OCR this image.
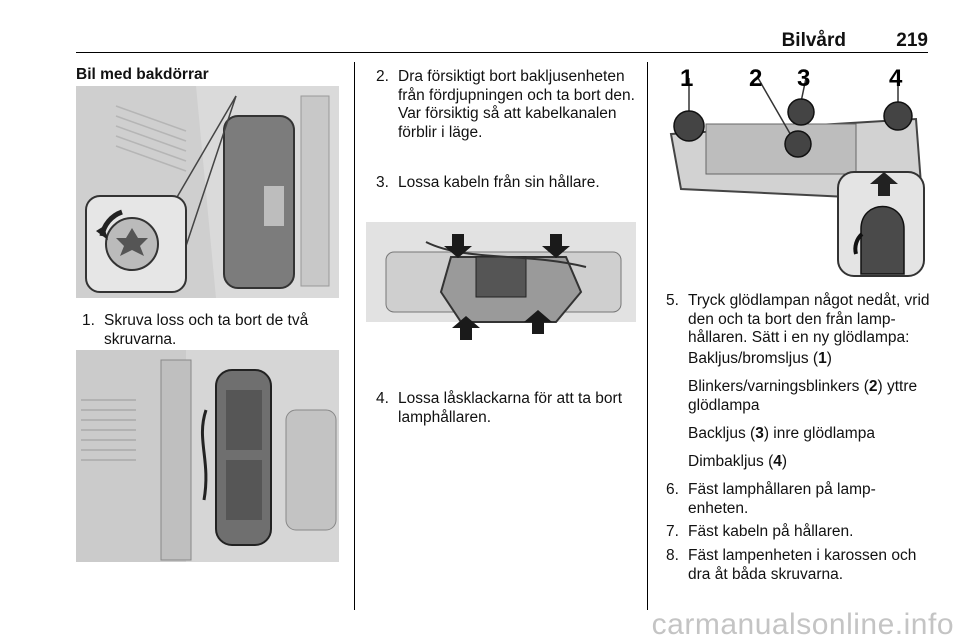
Bilvård	219
Bil med bakdörrar
1. Skruva loss och ta bort de två skruvarna.
2. Dra försiktigt bort bakljusenheten från fördjupningen och ta bort den. Var försiktig så att kabelkanalen förblir i läge.
3. Lossa kabeln från sin hållare.
4. Lossa låsklackarna för att ta bort lamphållaren.
1 2 3	4
5. Tryck glödlampan något nedåt, vrid den och ta bort den från lamphållaren. Sätt i en ny glödlampa:
Bakljus/bromsljus (1)
Blinkers/varningsblinkers (2) yttre glödlampa
Backljus (3) inre glödlampa
Dimbakljus (4)
6. Fäst lamphållaren på lampenheten.
7. Fäst kabeln på hållaren.
8. Fäst lampenheten i karossen och dra åt båda skruvarna.
carmanualsonline.info
